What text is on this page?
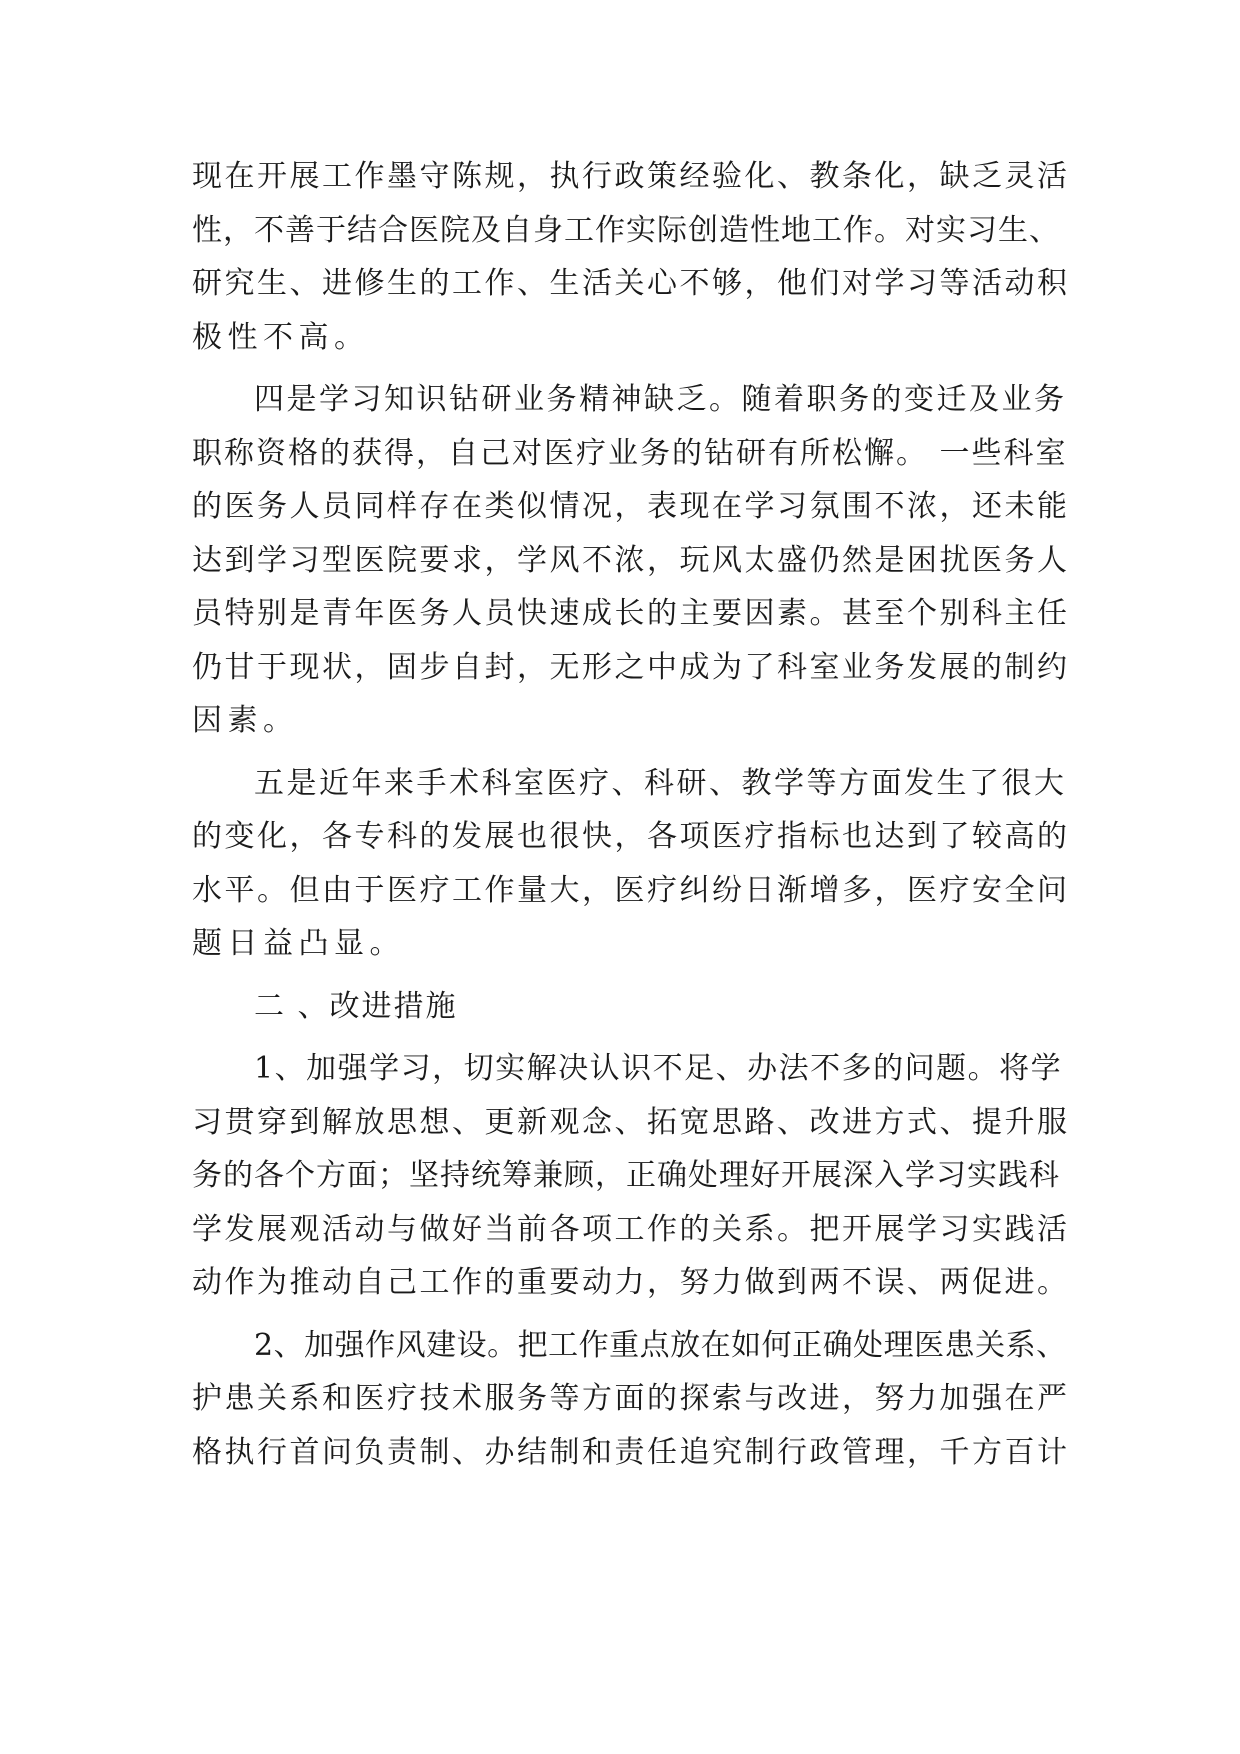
现在开展工作墨守陈规，执行政策经验化、教条化，缺乏灵活
性，不善于结合医院及自身工作实际创造性地工作。对实习生、
研究生、进修生的工作、生活关心不够，他们对学习等活动积
极性不高。

四是学习知识钻研业务精神缺乏。随着职务的变迁及业务
职称资格的获得，自己对医疗业务的钻研有所松懈。 一些科室
的医务人员同样存在类似情况，表现在学习氛围不浓，还未能
达到学习型医院要求，学风不浓，玩风太盛仍然是困扰医务人
员特别是青年医务人员快速成长的主要因素。甚至个别科主任
仍甘于现状，固步自封，无形之中成为了科室业务发展的制约
因素。

五是近年来手术科室医疗、科研、教学等方面发生了很大
的变化，各专科的发展也很快，各项医疗指标也达到了较高的
水平。但由于医疗工作量大，医疗纠纷日渐增多，医疗安全问
题日益凸显。

二 、改进措施

1、加强学习，切实解决认识不足、办法不多的问题。将学
习贯穿到解放思想、更新观念、拓宽思路、改进方式、提升服
务的各个方面；坚持统筹兼顾，正确处理好开展深入学习实践科
学发展观活动与做好当前各项工作的关系。把开展学习实践活
动作为推动自己工作的重要动力，努力做到两不误、两促进。

2、加强作风建设。把工作重点放在如何正确处理医患关系、
护患关系和医疗技术服务等方面的探索与改进，努力加强在严
格执行首问负责制、办结制和责任追究制行政管理，千方百计
